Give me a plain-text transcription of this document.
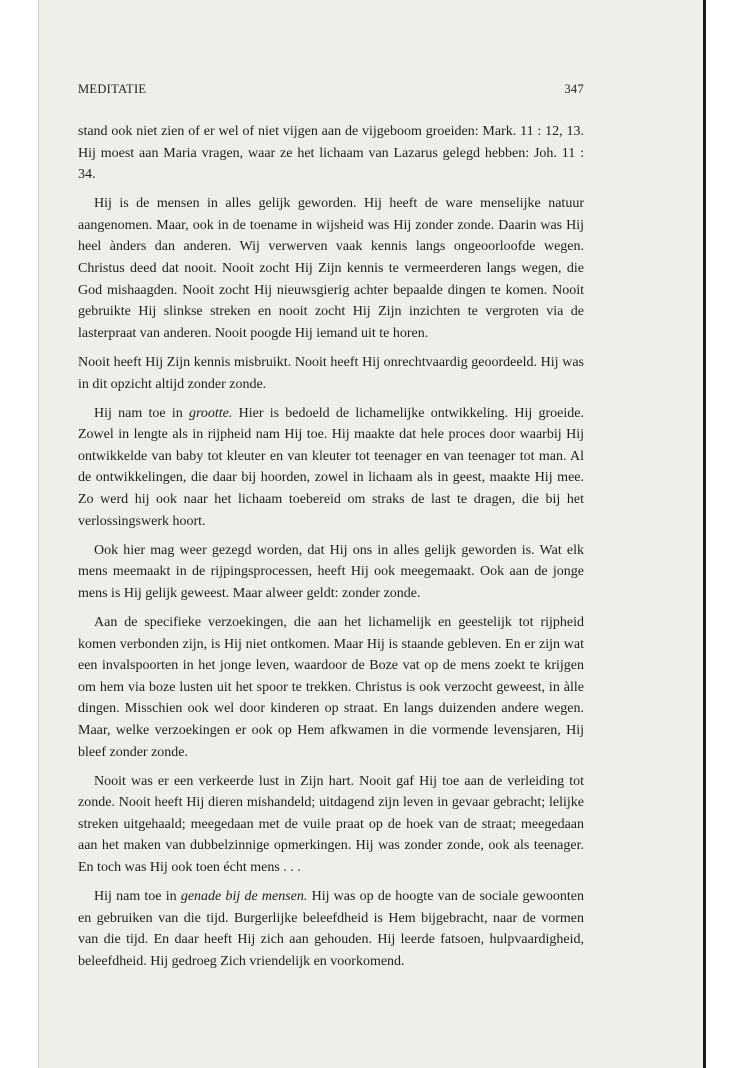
MEDITATIE	347

stand ook niet zien of er wel of niet vijgen aan de vijgeboom groeiden: Mark. 11 : 12, 13. Hij moest aan Maria vragen, waar ze het lichaam van Lazarus gelegd hebben: Joh. 11 : 34.

Hij is de mensen in alles gelijk geworden. Hij heeft de ware menselijke natuur aangenomen. Maar, ook in de toename in wijsheid was Hij zonder zonde. Daarin was Hij heel ànders dan anderen. Wij verwerven vaak kennis langs ongeoorloofde wegen. Christus deed dat nooit. Nooit zocht Hij Zijn kennis te vermeerderen langs wegen, die God mishaagden. Nooit zocht Hij nieuwsgierig achter bepaalde dingen te komen. Nooit gebruikte Hij slinkse streken en nooit zocht Hij Zijn inzichten te vergroten via de lasterpraat van anderen. Nooit poogde Hij iemand uit te horen.

Nooit heeft Hij Zijn kennis misbruikt. Nooit heeft Hij onrechtvaardig geoordeeld. Hij was in dit opzicht altijd zonder zonde.

Hij nam toe in grootte. Hier is bedoeld de lichamelijke ontwikkeling. Hij groeide. Zowel in lengte als in rijpheid nam Hij toe. Hij maakte dat hele proces door waarbij Hij ontwikkelde van baby tot kleuter en van kleuter tot teenager en van teenager tot man. Al de ontwikkelingen, die daar bij hoorden, zowel in lichaam als in geest, maakte Hij mee. Zo werd hij ook naar het lichaam toebereid om straks de last te dragen, die bij het verlossingswerk hoort.

Ook hier mag weer gezegd worden, dat Hij ons in alles gelijk geworden is. Wat elk mens meemaakt in de rijpingsprocessen, heeft Hij ook meegemaakt. Ook aan de jonge mens is Hij gelijk geweest. Maar alweer geldt: zonder zonde.

Aan de specifieke verzoekingen, die aan het lichamelijk en geestelijk tot rijpheid komen verbonden zijn, is Hij niet ontkomen. Maar Hij is staande gebleven. En er zijn wat een invalspoorten in het jonge leven, waardoor de Boze vat op de mens zoekt te krijgen om hem via boze lusten uit het spoor te trekken. Christus is ook verzocht geweest, in àlle dingen. Misschien ook wel door kinderen op straat. En langs duizenden andere wegen. Maar, welke verzoekingen er ook op Hem afkwamen in die vormende levensjaren, Hij bleef zonder zonde.

Nooit was er een verkeerde lust in Zijn hart. Nooit gaf Hij toe aan de verleiding tot zonde. Nooit heeft Hij dieren mishandeld; uitdagend zijn leven in gevaar gebracht; lelijke streken uitgehaald; meegedaan met de vuile praat op de hoek van de straat; meegedaan aan het maken van dubbelzinnige opmerkingen. Hij was zonder zonde, ook als teenager. En toch was Hij ook toen écht mens . . .

Hij nam toe in genade bij de mensen. Hij was op de hoogte van de sociale gewoonten en gebruiken van die tijd. Burgerlijke beleefdheid is Hem bijgebracht, naar de vormen van die tijd. En daar heeft Hij zich aan gehouden. Hij leerde fatsoen, hulpvaardigheid, beleefdheid. Hij gedroeg Zich vriendelijk en voorkomend.
